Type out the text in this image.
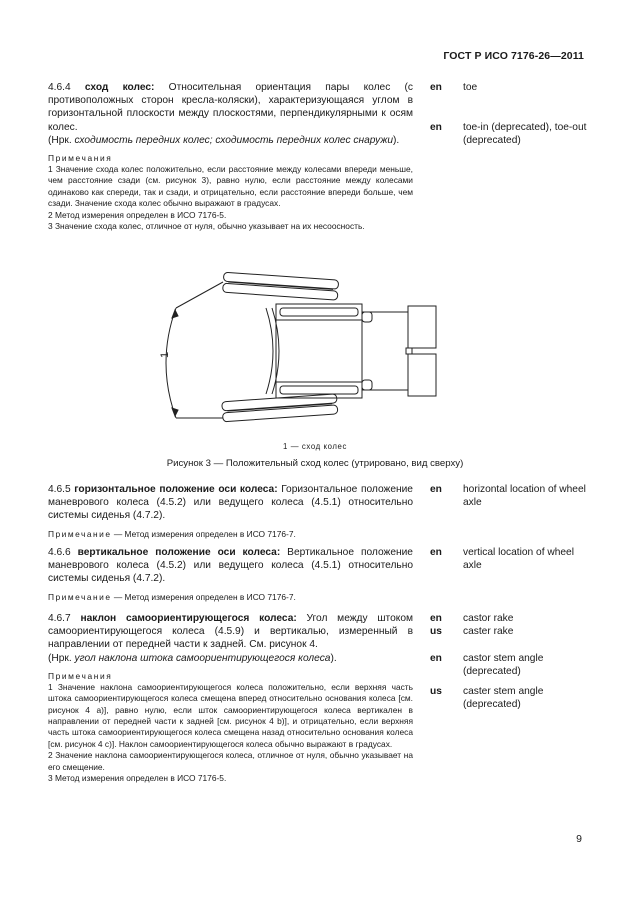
ГОСТ Р ИСО 7176-26—2011
4.6.4 сход колес: Относительная ориентация пары колес (с противоположных сторон кресла-коляски), характеризующаяся углом в горизонтальной плоскости между плоскостями, перпендикулярными к осям колес.
(Нрк. сходимость передних колес; сходимость передних колес снаружи).
Примечания
1 Значение схода колес положительно, если расстояние между колесами впереди меньше, чем расстояние сзади (см. рисунок 3), равно нулю, если расстояние между колесами одинаково как спереди, так и сзади, и отрицательно, если расстояние впереди больше, чем сзади. Значение схода колес обычно выражают в градусах.
2 Метод измерения определен в ИСО 7176-5.
3 Значение схода колес, отличное от нуля, обычно указывает на их несоосность.
en	toe
en	toe-in (deprecated), toe-out (deprecated)
1
1 — сход колес
Рисунок 3 — Положительный сход колес (утрировано, вид сверху)
4.6.5 горизонтальное положение оси колеса: Горизонтальное положение маневрового колеса (4.5.2) или ведущего колеса (4.5.1) относительно системы сиденья (4.7.2).
Примечание — Метод измерения определен в ИСО 7176-7.
en	horizontal location of wheel axle
4.6.6 вертикальное положение оси колеса: Вертикальное положение маневрового колеса (4.5.2) или ведущего колеса (4.5.1) относительно системы сиденья (4.7.2).
Примечание — Метод измерения определен в ИСО 7176-7.
en	vertical location of wheel axle
4.6.7 наклон самоориентирующегося колеса: Угол между штоком самоориентирующегося колеса (4.5.9) и вертикалью, измеренный в направлении от передней части к задней. См. рисунок 4.
(Нрк. угол наклона штока самоориентирующегося колеса).
Примечания
1 Значение наклона самоориентирующегося колеса положительно, если верхняя часть штока самоориентирующегося колеса смещена вперед относительно основания колеса [см. рисунок 4 a)], равно нулю, если шток самоориентирующегося колеса вертикален в направлении от передней части к задней [см. рисунок 4 b)], и отрицательно, если верхняя часть штока самоориентирующегося колеса смещена назад относительно основания колеса [см. рисунок 4 c)]. Наклон самоориентирующегося колеса обычно выражают в градусах.
2 Значение наклона самоориентирующегося колеса, отличное от нуля, обычно указывает на его смещение.
3 Метод измерения определен в ИСО 7176-5.
en	castor rake
us	caster rake
en	castor stem angle (deprecated)
us	caster stem angle (deprecated)
9
